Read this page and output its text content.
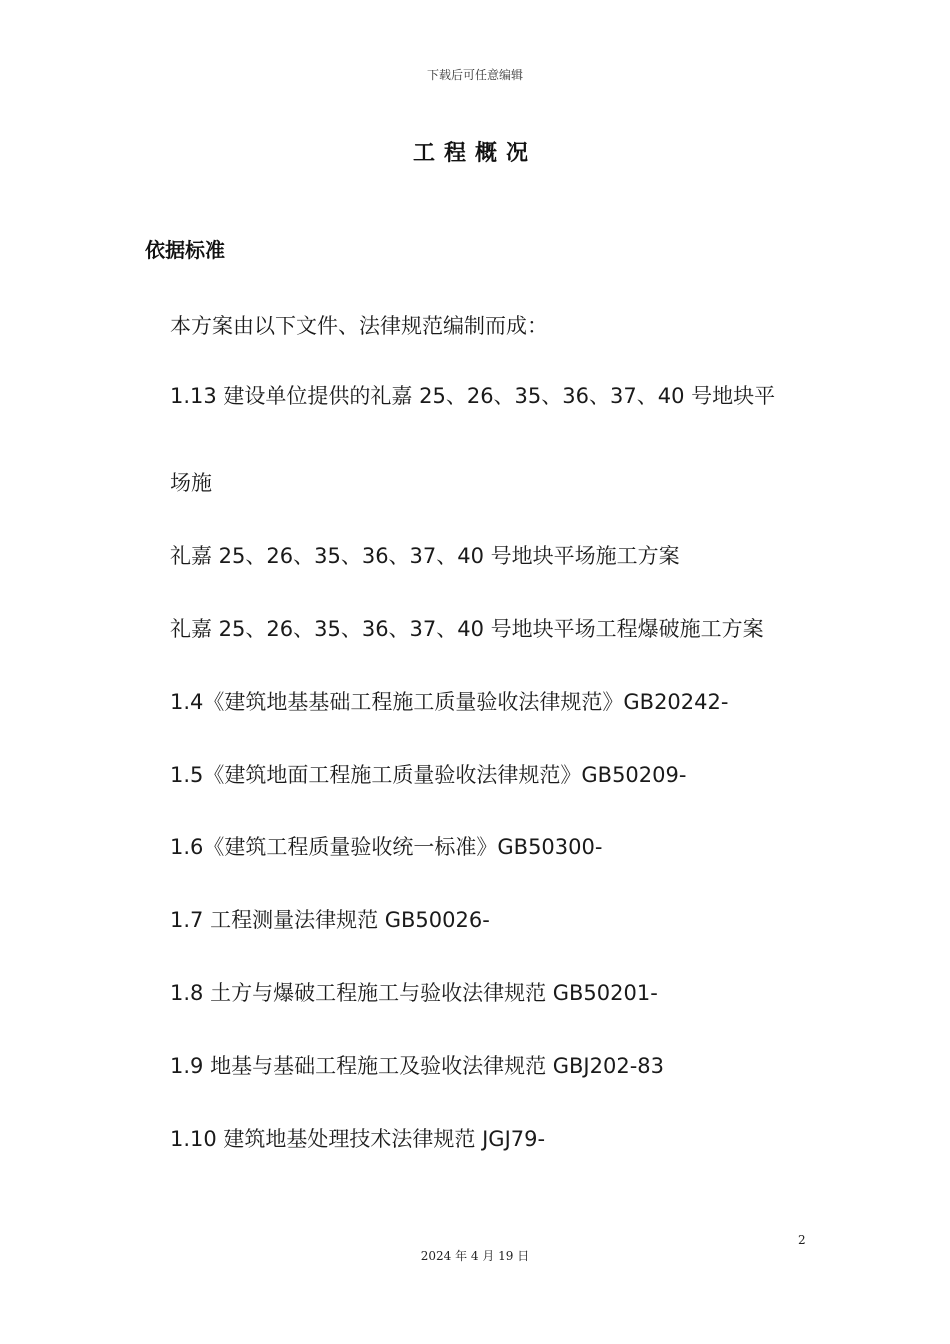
下载后可任意编辑
工程概况
依据标准
本方案由以下文件、法律规范编制而成：
1.13 建设单位提供的礼嘉 25、26、35、36、37、40 号地块平
场施
礼嘉 25、26、35、36、37、40 号地块平场施工方案
礼嘉 25、26、35、36、37、40 号地块平场工程爆破施工方案
1.4《建筑地基基础工程施工质量验收法律规范》GB20242-
1.5《建筑地面工程施工质量验收法律规范》GB50209-
1.6《建筑工程质量验收统一标准》GB50300-
1.7 工程测量法律规范 GB50026-
1.8 土方与爆破工程施工与验收法律规范 GB50201-
1.9 地基与基础工程施工及验收法律规范 GBJ202-83
1.10 建筑地基处理技术法律规范 JGJ79-
2
2024 年 4 月 19 日
